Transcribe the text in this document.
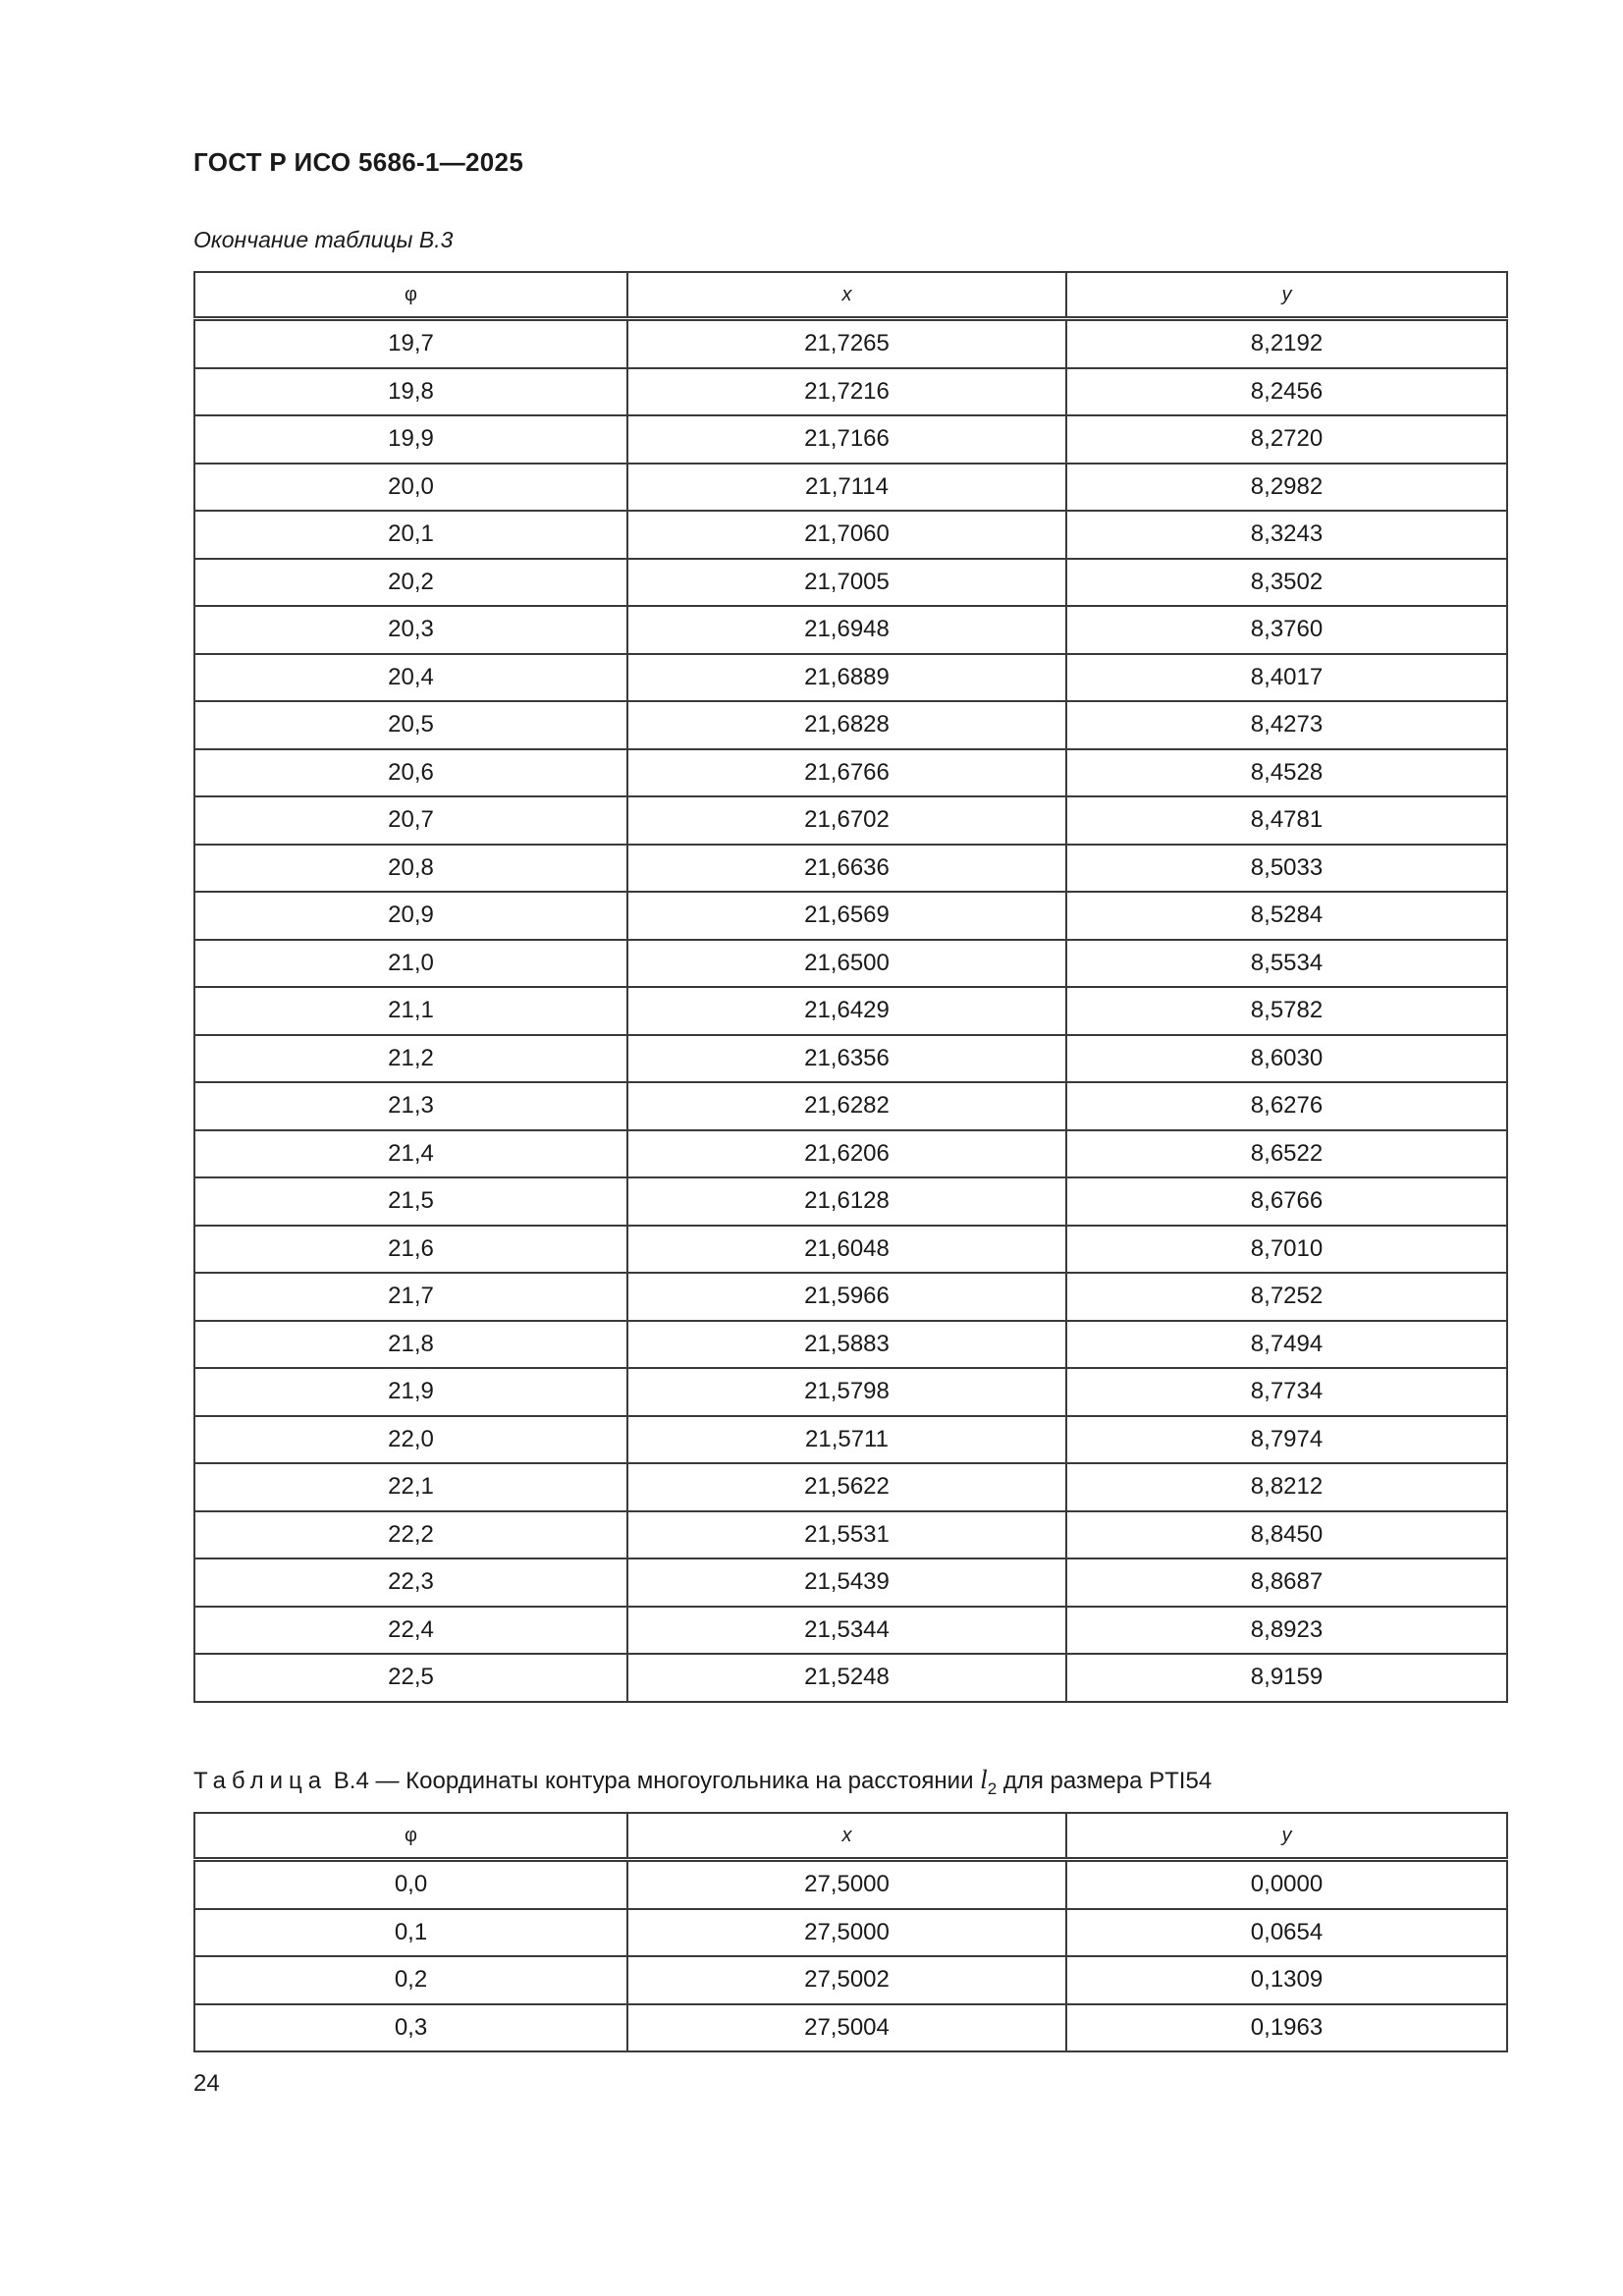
ГОСТ Р ИСО 5686-1—2025
Окончание таблицы В.3
φ	x	y
19,7	21,7265	8,2192
19,8	21,7216	8,2456
19,9	21,7166	8,2720
20,0	21,7114	8,2982
20,1	21,7060	8,3243
20,2	21,7005	8,3502
20,3	21,6948	8,3760
20,4	21,6889	8,4017
20,5	21,6828	8,4273
20,6	21,6766	8,4528
20,7	21,6702	8,4781
20,8	21,6636	8,5033
20,9	21,6569	8,5284
21,0	21,6500	8,5534
21,1	21,6429	8,5782
21,2	21,6356	8,6030
21,3	21,6282	8,6276
21,4	21,6206	8,6522
21,5	21,6128	8,6766
21,6	21,6048	8,7010
21,7	21,5966	8,7252
21,8	21,5883	8,7494
21,9	21,5798	8,7734
22,0	21,5711	8,7974
22,1	21,5622	8,8212
22,2	21,5531	8,8450
22,3	21,5439	8,8687
22,4	21,5344	8,8923
22,5	21,5248	8,9159
Таблица В.4 — Координаты контура многоугольника на расстоянии $l_2$ для размера PTI54
φ	x	y
0,0	27,5000	0,0000
0,1	27,5000	0,0654
0,2	27,5002	0,1309
0,3	27,5004	0,1963
24
